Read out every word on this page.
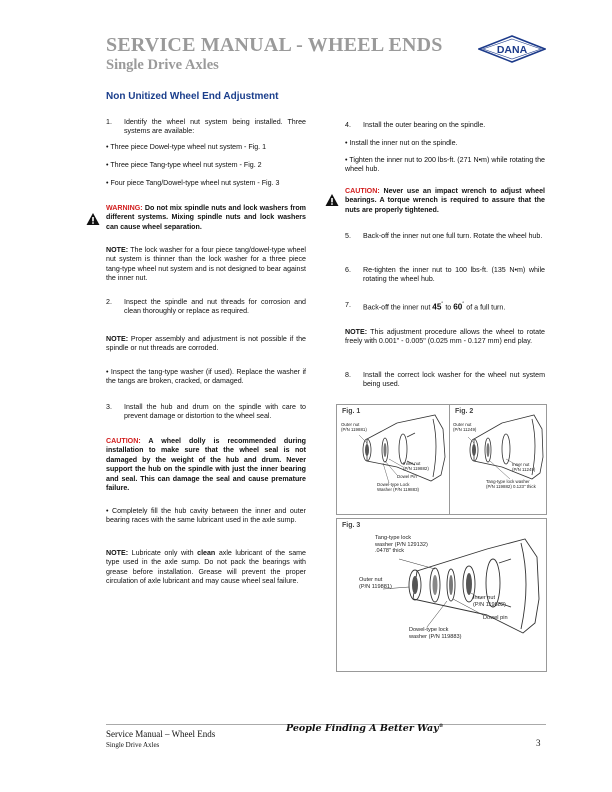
SERVICE MANUAL - WHEEL ENDS
Single Drive Axles
DANA
Non Unitized Wheel End Adjustment
1.	Identify the wheel nut system being installed. Three systems are available:
• Three piece Dowel-type wheel nut system - Fig. 1
• Three piece Tang-type wheel nut system - Fig. 2
• Four piece Tang/Dowel-type wheel nut system - Fig. 3
WARNING: Do not mix spindle nuts and lock washers from different systems. Mixing spindle nuts and lock washers can cause wheel separation.
NOTE: The lock washer for a four piece tang/dowel-type wheel nut system is thinner than the lock washer for a three piece tang-type wheel nut system and is not designed to bear against the inner nut.
2.	Inspect the spindle and nut threads for corrosion and clean thoroughly or replace as required.
NOTE: Proper assembly and adjustment is not possible if the spindle or nut threads are corroded.
• Inspect the tang-type washer (if used). Replace the washer if the tangs are broken, cracked, or damaged.
3.	Install the hub and drum on the spindle with care to prevent damage or distortion to the wheel seal.
CAUTION: A wheel dolly is recommended during installation to make sure that the wheel seal is not damaged by the weight of the hub and drum. Never support the hub on the spindle with just the inner bearing and seal. This can damage the seal and cause premature failure.
• Completely fill the hub cavity between the inner and outer bearing races with the same lubricant used in the axle sump.
NOTE: Lubricate only with clean axle lubricant of the same type used in the axle sump. Do not pack the bearings with grease before installation. Grease will prevent the proper circulation of axle lubricant and may cause wheel seal failure.
4.	Install the outer bearing on the spindle.
• Install the inner nut on the spindle.
• Tighten the inner nut to 200 lbs-ft. (271 N•m) while rotating the wheel hub.
CAUTION: Never use an impact wrench to adjust wheel bearings. A torque wrench is required to assure that the nuts are properly tightened.
5.	Back-off the inner nut one full turn. Rotate the wheel hub.
6.	Re-tighten the inner nut to 100 lbs-ft. (135 N•m) while rotating the wheel hub.
7.	Back-off the inner nut 45˚ to 60˚ of a full turn.
NOTE: This adjustment procedure allows the wheel to rotate freely with 0.001" - 0.005" (0.025 mm - 0.127 mm) end play.
8.	Install the correct lock washer for the wheel nut system being used.
Fig. 1
Outer nut
(P/N 119881)
Inner nut
(P/N 119882)
Dowel Pin
Dowel-type Lock
Washer (P/N 119883)
Fig. 2
Outer nut
(P/N 11249)
Inner nut
(P/N 11249)
Tang-type lock washer
(P/N 119882) 0.123" thick
Fig. 3
Tang-type lock
washer (P/N 129132)
.0478" thick
Outer nut
(P/N 119881)
Inner nut
(P/N 119882)
Dowel pin
Dowel-type lock
washer (P/N 119883)
Service Manual – Wheel Ends
Single Drive Axles
People Finding A Better Way®
3
